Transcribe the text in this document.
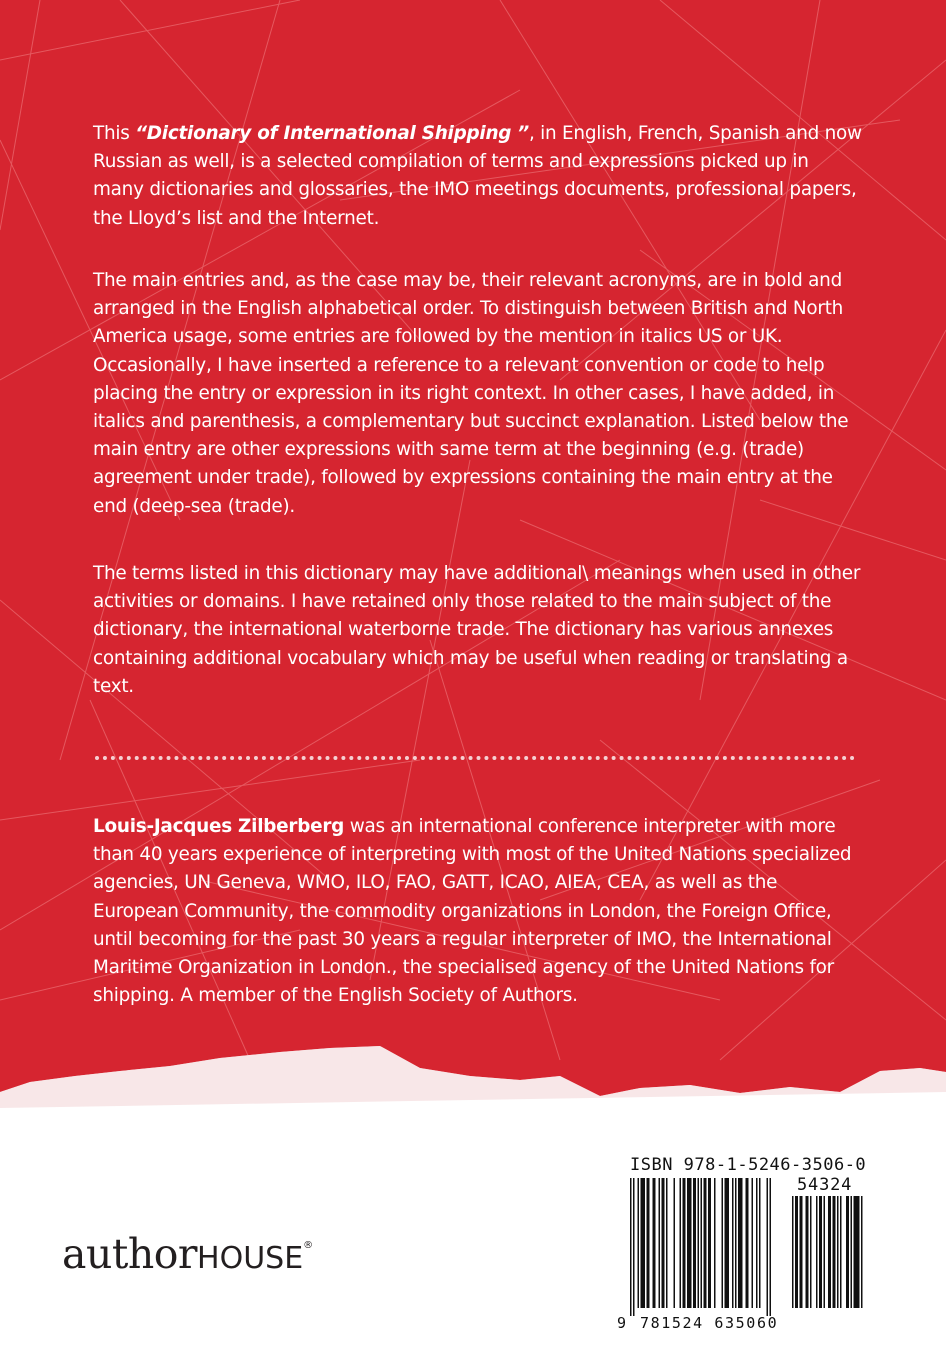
This “Dictionary of International Shipping ”, in English, French, Spanish and now Russian as well, is a selected compilation of terms and expressions picked up in many dictionaries and glossaries, the IMO meetings documents, professional papers, the Lloyd’s list and the Internet.
The main entries and, as the case may be, their relevant acronyms, are in bold and arranged in the English alphabetical order. To distinguish between British and North America usage, some entries are followed by the mention in italics US or UK. Occasionally, I have inserted a reference to a relevant convention or code to help placing the entry or expression in its right context. In other cases, I have added, in italics and parenthesis, a complementary but succinct explanation. Listed below the main entry are other expressions with same term at the beginning (e.g. (trade) agreement under trade), followed by expressions containing the main entry at the end (deep-sea (trade).
The terms listed in this dictionary may have additional\ meanings when used in other activities or domains. I have retained only those related to the main subject of the dictionary, the international waterborne trade. The dictionary has various annexes containing additional vocabulary which may be useful when reading or translating a text.
Louis-Jacques Zilberberg was an international conference interpreter with more than 40 years experience of interpreting with most of the United Nations specialized agencies, UN Geneva, WMO, ILO, FAO, GATT, ICAO, AIEA, CEA, as well as the European Community, the commodity organizations in London, the Foreign Office, until becoming for the past 30 years a regular interpreter of IMO, the International Maritime Organization in London., the specialised agency of the United Nations for shipping. A member of the English Society of Authors.
authorHOUSE®
ISBN 978-1-5246-3506-0
54324
9 781524 635060
